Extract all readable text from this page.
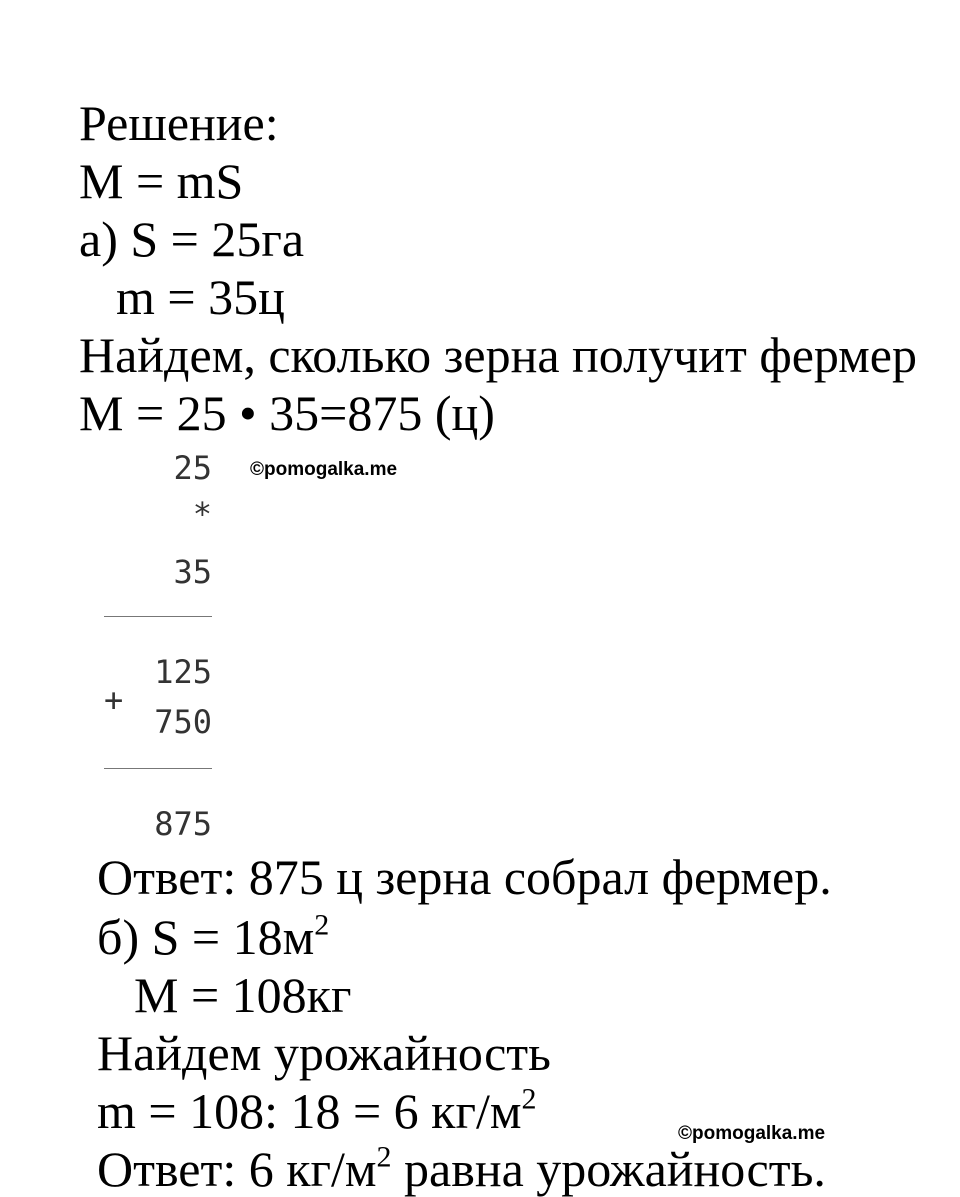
Решение:
M = mS
а) S = 25га
m = 35ц
Найдем, сколько зерна получит фермер
M = 25 • 35=875 (ц)
25
*
35
125
+
750
875
©pomogalka.me
Ответ: 875 ц зерна собрал фермер.
б) $S = 18м^2$
M = 108кг
Найдем урожайность
m = 108: 18 = 6 $кг/м^2$
©pomogalka.me
Ответ: 6 $кг/м^2$ равна урожайность.
